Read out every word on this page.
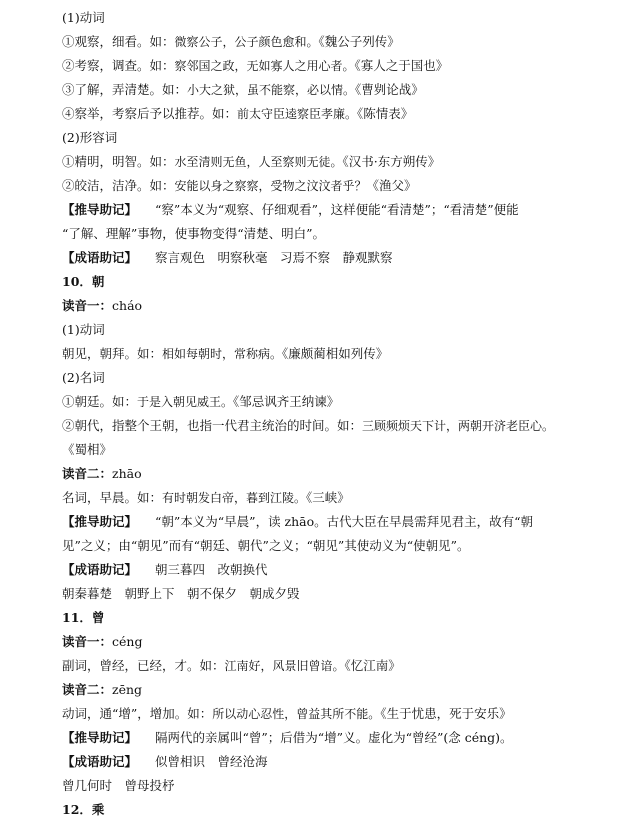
(1)动词
①观察，细看。如：微察公子，公子颜色愈和。《魏公子列传》
②考察，调查。如：察邻国之政，无如寡人之用心者。《寡人之于国也》
③了解，弄清楚。如：小大之狱，虽不能察，必以情。《曹刿论战》
④察举，考察后予以推荐。如：前太守臣逵察臣孝廉。《陈情表》
(2)形容词
①精明，明智。如：水至清则无鱼，人至察则无徒。《汉书·东方朔传》
②皎洁，洁净。如：安能以身之察察，受物之汶汶者乎？《渔父》
【推导助记】 “察”本义为“观察、仔细观看”，这样便能“看清楚”；“看清楚”便能
“了解、理解”事物，使事物变得“清楚、明白”。
【成语助记】 察言观色　明察秋毫　习焉不察　静观默察
10．朝
读音一：cháo
(1)动词
朝见，朝拜。如：相如每朝时，常称病。《廉颇蔺相如列传》
(2)名词
①朝廷。如：于是入朝见威王。《邹忌讽齐王纳谏》
②朝代，指整个王朝，也指一代君主统治的时间。如：三顾频烦天下计，两朝开济老臣心。
《蜀相》
读音二：zhāo
名词，早晨。如：有时朝发白帝，暮到江陵。《三峡》
【推导助记】 “朝”本义为“早晨”，读 zhāo。古代大臣在早晨需拜见君主，故有“朝
见”之义；由“朝见”而有“朝廷、朝代”之义；“朝见”其使动义为“使朝见”。
【成语助记】 朝三暮四　改朝换代
朝秦暮楚　朝野上下　朝不保夕　朝成夕毁
11．曾
读音一：céng
副词，曾经，已经，才。如：江南好，风景旧曾谙。《忆江南》
读音二：zēng
动词，通“增”，增加。如：所以动心忍性，曾益其所不能。《生于忧患，死于安乐》
【推导助记】 隔两代的亲属叫“曾”；后借为“增”义。虚化为“曾经”(念 céng)。
【成语助记】 似曾相识　曾经沧海
曾几何时　曾母投杼
12．乘
